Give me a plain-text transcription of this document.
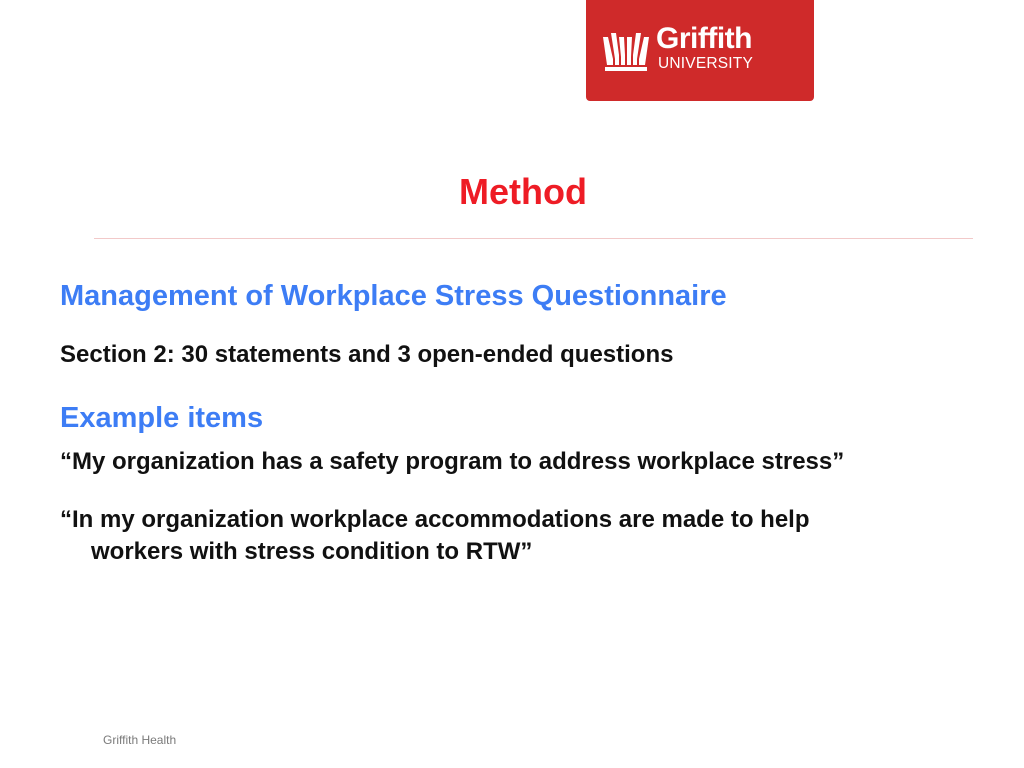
Griffith
UNIVERSITY
Method

Management of Workplace Stress Questionnaire

Section 2: 30 statements and 3 open-ended questions

Example items

“My organization has a safety program to address workplace stress”

“In my organization workplace accommodations are made to help
workers with stress condition to RTW”

Griffith Health
